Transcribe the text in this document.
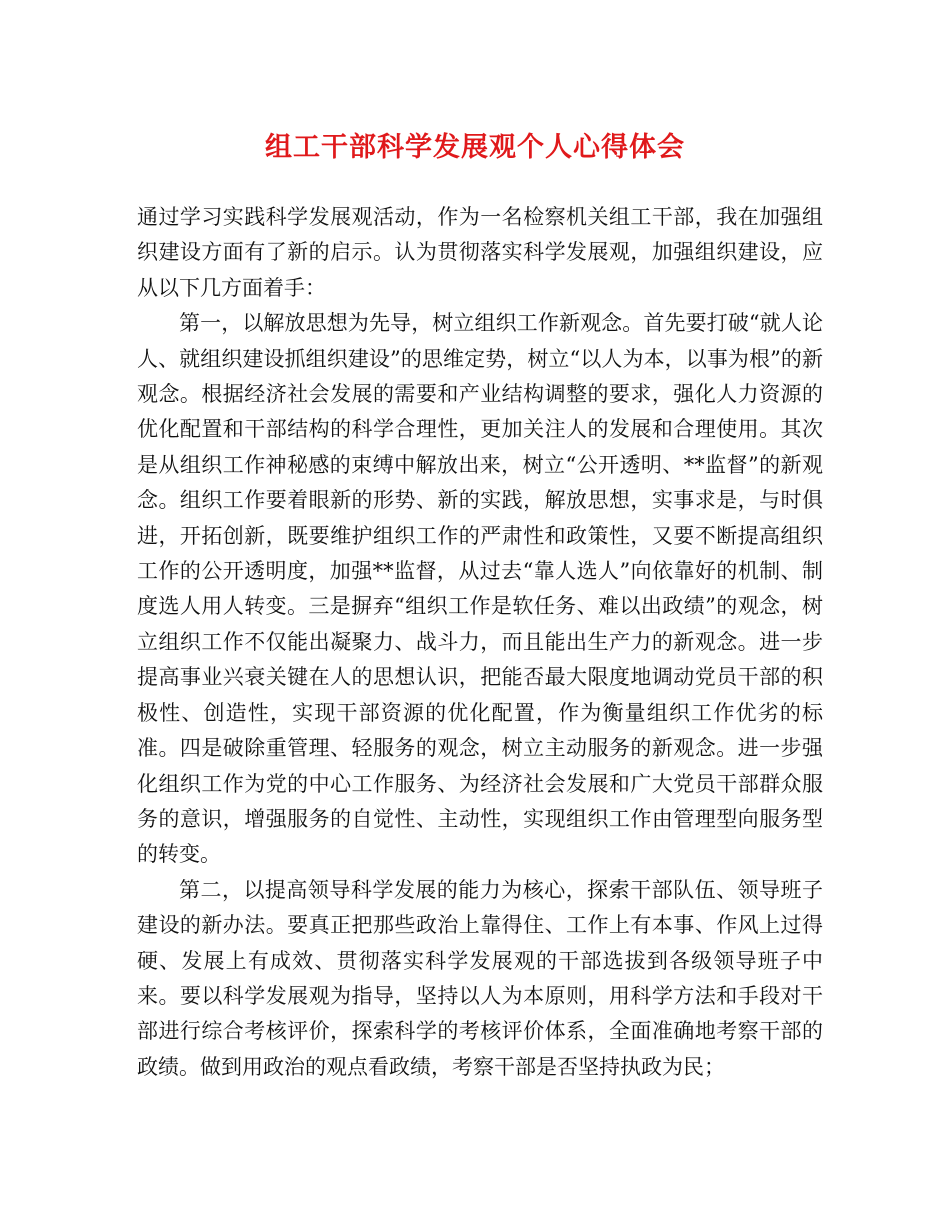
组工干部科学发展观个人心得体会

通过学习实践科学发展观活动，作为一名检察机关组工干部，我在加强组织建设方面有了新的启示。认为贯彻落实科学发展观，加强组织建设，应从以下几方面着手：

第一，以解放思想为先导，树立组织工作新观念。首先要打破“就人论人、就组织建设抓组织建设”的思维定势，树立“以人为本，以事为根”的新观念。根据经济社会发展的需要和产业结构调整的要求，强化人力资源的优化配置和干部结构的科学合理性，更加关注人的发展和合理使用。其次是从组织工作神秘感的束缚中解放出来，树立“公开透明、**监督”的新观念。组织工作要着眼新的形势、新的实践，解放思想，实事求是，与时俱进，开拓创新，既要维护组织工作的严肃性和政策性，又要不断提高组织工作的公开透明度，加强**监督，从过去“靠人选人”向依靠好的机制、制度选人用人转变。三是摒弃“组织工作是软任务、难以出政绩”的观念，树立组织工作不仅能出凝聚力、战斗力，而且能出生产力的新观念。进一步提高事业兴衰关键在人的思想认识，把能否最大限度地调动党员干部的积极性、创造性，实现干部资源的优化配置，作为衡量组织工作优劣的标准。四是破除重管理、轻服务的观念，树立主动服务的新观念。进一步强化组织工作为党的中心工作服务、为经济社会发展和广大党员干部群众服务的意识，增强服务的自觉性、主动性，实现组织工作由管理型向服务型的转变。

第二，以提高领导科学发展的能力为核心，探索干部队伍、领导班子建设的新办法。要真正把那些政治上靠得住、工作上有本事、作风上过得硬、发展上有成效、贯彻落实科学发展观的干部选拔到各级领导班子中来。要以科学发展观为指导，坚持以人为本原则，用科学方法和手段对干部进行综合考核评价，探索科学的考核评价体系，全面准确地考察干部的政绩。做到用政治的观点看政绩，考察干部是否坚持执政为民；
